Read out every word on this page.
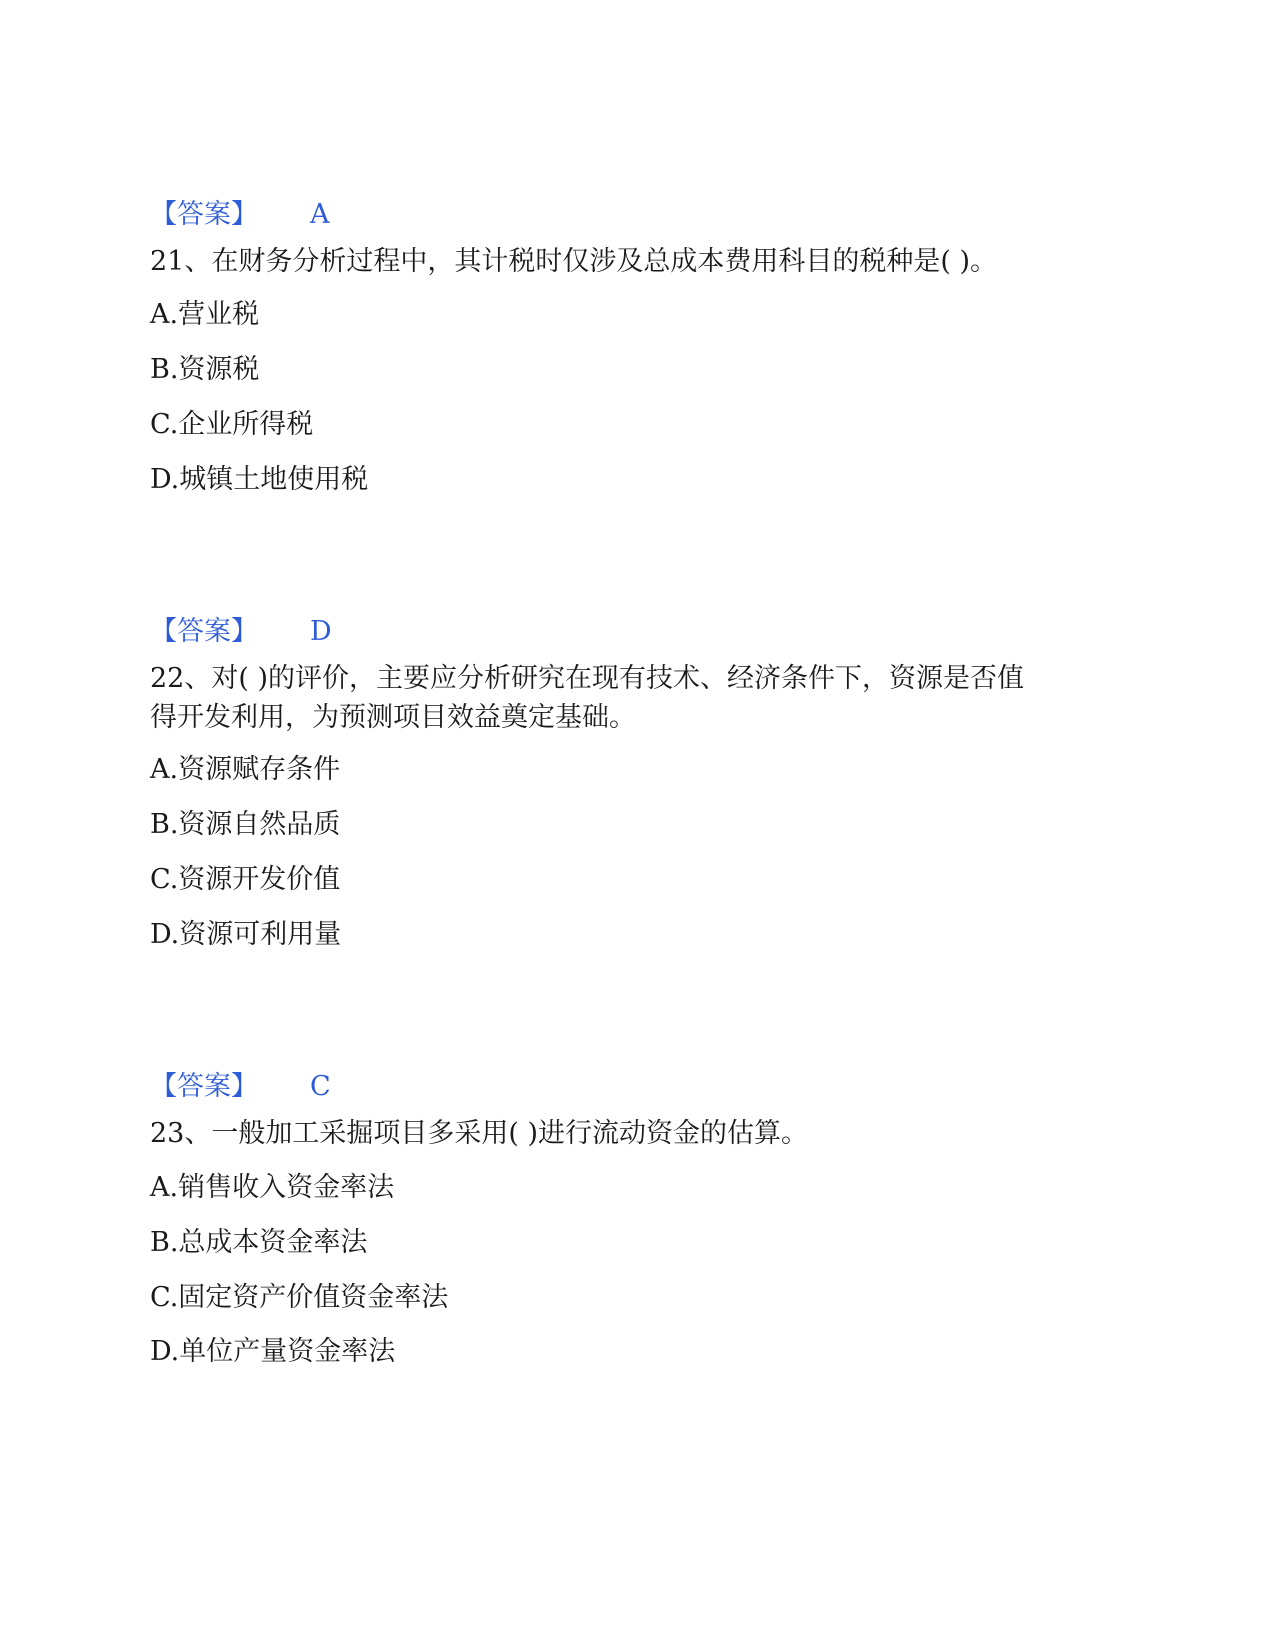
【答案】 A
21、在财务分析过程中，其计税时仅涉及总成本费用科目的税种是( )。
A.营业税
B.资源税
C.企业所得税
D.城镇土地使用税
【答案】 D
22、对( )的评价，主要应分析研究在现有技术、经济条件下，资源是否值
得开发利用，为预测项目效益奠定基础。
A.资源赋存条件
B.资源自然品质
C.资源开发价值
D.资源可利用量
【答案】 C
23、一般加工采掘项目多采用( )进行流动资金的估算。
A.销售收入资金率法
B.总成本资金率法
C.固定资产价值资金率法
D.单位产量资金率法
